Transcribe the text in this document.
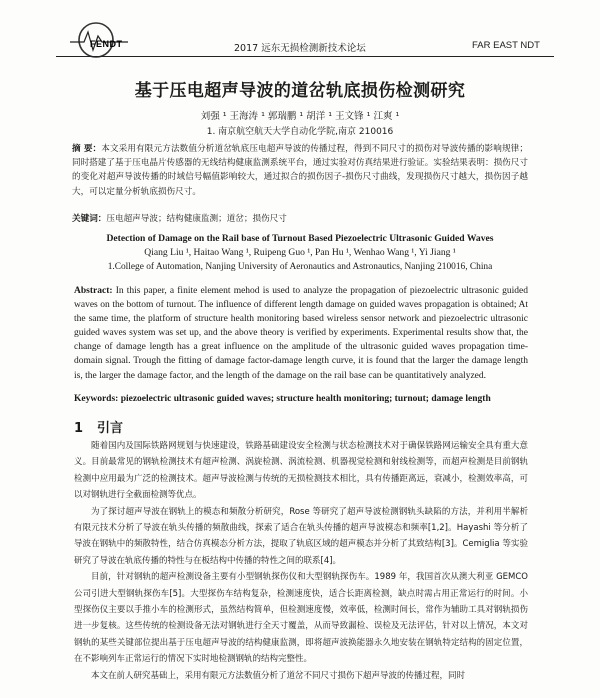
FENDT	2017 远东无损检测新技术论坛	FAR EAST NDT
基于压电超声导波的道岔轨底损伤检测研究
刘强 ¹ 王海涛 ¹ 郭瑞鹏 ¹ 胡洋 ¹ 王文锋 ¹ 江爽 ¹
1. 南京航空航天大学自动化学院,南京 210016
摘 要：本文采用有限元方法数值分析道岔轨底压电超声导波的传播过程，得到不同尺寸的损伤对导波传播的影响规律；同时搭建了基于压电晶片传感器的无线结构健康监测系统平台，通过实验对仿真结果进行验证。实验结果表明：损伤尺寸的变化对超声导波传播的时域信号幅值影响较大，通过拟合的损伤因子-损伤尺寸曲线，发现损伤尺寸越大，损伤因子越大，可以定量分析轨底损伤尺寸。
关键词：压电超声导波；结构健康监测；道岔；损伤尺寸
Detection of Damage on the Rail base of Turnout Based Piezoelectric Ultrasonic Guided Waves
Qiang Liu ¹, Haitao Wang ¹, Ruipeng Guo ¹, Pan Hu ¹, Wenhao Wang ¹, Yi Jiang ¹
1.College of Automation, Nanjing University of Aeronautics and Astronautics, Nanjing 210016, China
Abstract: In this paper, a finite element mehod is used to analyze the propagation of piezoelectric ultrasonic guided waves on the bottom of turnout. The influence of different length damage on guided waves propagation is obtained; At the same time, the platform of structure health monitoring based wireless sensor network and piezoelectric ultrasonic guided waves system was set up, and the above theory is verified by experiments. Experimental results show that, the change of damage length has a great influence on the amplitude of the ultrasonic guided waves propagation time-domain signal. Trough the fitting of damage factor-damage length curve, it is found that the larger the damage length is, the larger the damage factor, and the length of the damage on the rail base can be quantitatively analyzed.
Keywords: piezoelectric ultrasonic guided waves; structure health monitoring; turnout; damage length
1 引言

随着国内及国际铁路网规划与快速建设，铁路基础建设安全检测与状态检测技术对于确保铁路网运输安全具有重大意义。目前最常见的钢轨检测技术有超声检测、涡旋检测、涡流检测、机器视觉检测和射线检测等，而超声检测是目前钢轨检测中应用最为广泛的检测技术。超声导波检测与传统的无损检测技术相比，具有传播距离远，衰减小，检测效率高，可以对钢轨进行全截面检测等优点。

为了探讨超声导波在钢轨上的模态和频散分析研究，Rose 等研究了超声导波检测钢轨头缺陷的方法，并利用半解析有限元技术分析了导波在轨头传播的频散曲线，探索了适合在轨头传播的超声导波模态和频率[1,2]。Hayashi 等分析了导波在钢轨中的频散特性，结合仿真模态分析方法，提取了轨底区域的超声模态并分析了其致结构[3]。Cemiglia 等实验研究了导波在轨底传播的特性与在板结构中传播的特性之间的联系[4]。

目前，针对钢轨的超声检测设备主要有小型钢轨探伤仪和大型钢轨探伤车。1989 年，我国首次从澳大利亚 GEMCO 公司引进大型钢轨探伤车[5]。大型探伤车结构复杂，检测速度快，适合长距离检测，缺点时需占用正常运行的时间。小型探伤仪主要以手推小车的检测形式，虽然结构简单，但检测速度慢，效率低，检测时间长，常作为辅助工具对钢轨损伤进一步复核。这些传统的检测设备无法对钢轨进行全天寸覆盖，从而导致漏检、误检及无法评估，针对以上情况，本文对钢轨的某些关键部位提出基于压电超声导波的结构健康监测，即将超声波换能器永久地安装在钢轨特定结构的固定位置，在不影响列车正常运行的情况下实时地检测钢轨的结构完整性。

本文在前人研究基础上，采用有限元方法数值分析了道岔不同尺寸损伤下超声导波的传播过程，同时
